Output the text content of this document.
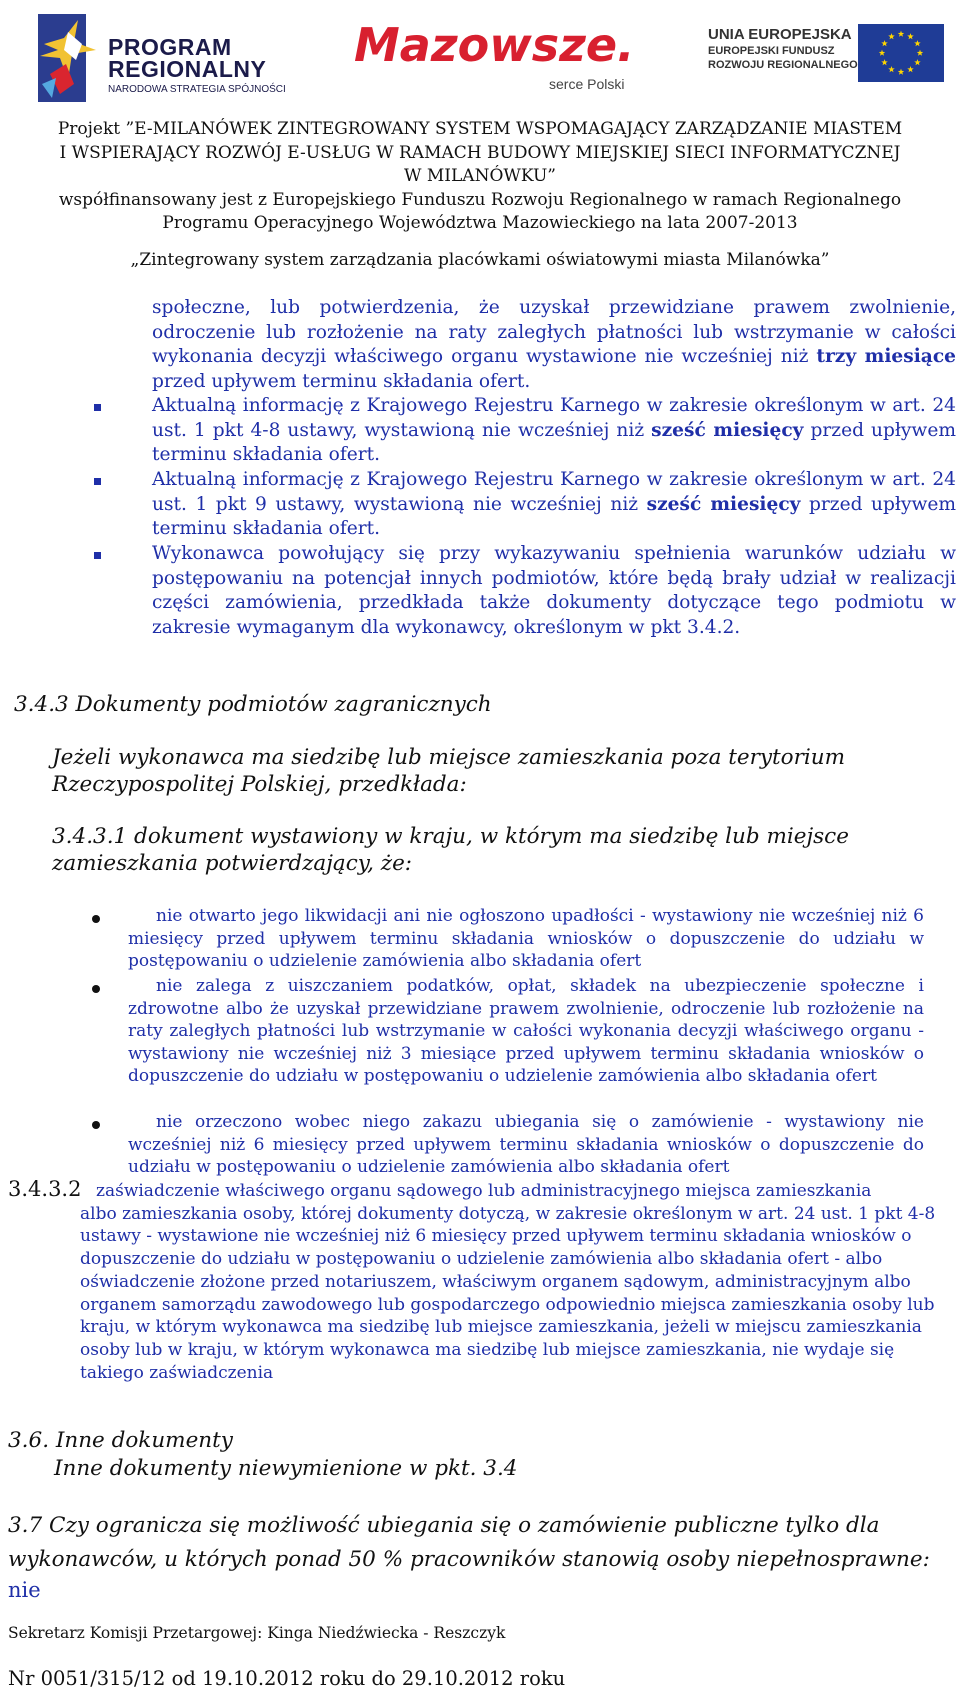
PROGRAM
REGIONALNY
NARODOWA STRATEGIA SPÓJNOŚCI
Mazowsze.
serce Polski
UNIA EUROPEJSKA
EUROPEJSKI FUNDUSZ
ROZWOJU REGIONALNEGO
Projekt ”E-MILANÓWEK ZINTEGROWANY SYSTEM WSPOMAGAJĄCY ZARZĄDZANIE MIASTEM
I WSPIERAJĄCY ROZWÓJ E-USŁUG W RAMACH BUDOWY MIEJSKIEJ SIECI INFORMATYCZNEJ
W MILANÓWKU”
współfinansowany jest z Europejskiego Funduszu Rozwoju Regionalnego w ramach Regionalnego
Programu Operacyjnego Województwa Mazowieckiego na lata 2007-2013
„Zintegrowany system zarządzania placówkami oświatowymi miasta Milanówka”
społeczne, lub potwierdzenia, że uzyskał przewidziane prawem zwolnienie, odroczenie lub rozłożenie na raty zaległych płatności lub wstrzymanie w całości wykonania decyzji właściwego organu wystawione nie wcześniej niż trzy miesiące przed upływem terminu składania ofert.
Aktualną informację z Krajowego Rejestru Karnego w zakresie określonym w art. 24 ust. 1 pkt 4-8 ustawy, wystawioną nie wcześniej niż sześć miesięcy przed upływem terminu składania ofert.
Aktualną informację z Krajowego Rejestru Karnego w zakresie określonym w art. 24 ust. 1 pkt 9 ustawy, wystawioną nie wcześniej niż sześć miesięcy przed upływem terminu składania ofert.
Wykonawca powołujący się przy wykazywaniu spełnienia warunków udziału w postępowaniu na potencjał innych podmiotów, które będą brały udział w realizacji części zamówienia, przedkłada także dokumenty dotyczące tego podmiotu w zakresie wymaganym dla wykonawcy, określonym w pkt 3.4.2.
3.4.3 Dokumenty podmiotów zagranicznych
Jeżeli wykonawca ma siedzibę lub miejsce zamieszkania poza terytorium
Rzeczypospolitej Polskiej, przedkłada:
3.4.3.1 dokument wystawiony w kraju, w którym ma siedzibę lub miejsce
zamieszkania potwierdzający, że:
nie otwarto jego likwidacji ani nie ogłoszono upadłości - wystawiony nie wcześniej niż 6 miesięcy przed upływem terminu składania wniosków o dopuszczenie do udziału w postępowaniu o udzielenie zamówienia albo składania ofert
nie zalega z uiszczaniem podatków, opłat, składek na ubezpieczenie społeczne i zdrowotne albo że uzyskał przewidziane prawem zwolnienie, odroczenie lub rozłożenie na raty zaległych płatności lub wstrzymanie w całości wykonania decyzji właściwego organu - wystawiony nie wcześniej niż 3 miesiące przed upływem terminu składania wniosków o dopuszczenie do udziału w postępowaniu o udzielenie zamówienia albo składania ofert
nie orzeczono wobec niego zakazu ubiegania się o zamówienie - wystawiony nie wcześniej niż 6 miesięcy przed upływem terminu składania wniosków o dopuszczenie do udziału w postępowaniu o udzielenie zamówienia albo składania ofert
3.4.3.2 zaświadczenie właściwego organu sądowego lub administracyjnego miejsca zamieszkania
albo zamieszkania osoby, której dokumenty dotyczą, w zakresie określonym w art. 24 ust. 1 pkt 4-8 ustawy - wystawione nie wcześniej niż 6 miesięcy przed upływem terminu składania wniosków o dopuszczenie do udziału w postępowaniu o udzielenie zamówienia albo składania ofert - albo oświadczenie złożone przed notariuszem, właściwym organem sądowym, administracyjnym albo organem samorządu zawodowego lub gospodarczego odpowiednio miejsca zamieszkania osoby lub kraju, w którym wykonawca ma siedzibę lub miejsce zamieszkania, jeżeli w miejscu zamieszkania osoby lub w kraju, w którym wykonawca ma siedzibę lub miejsce zamieszkania, nie wydaje się takiego zaświadczenia
3.6. Inne dokumenty
Inne dokumenty niewymienione w pkt. 3.4
3.7 Czy ogranicza się możliwość ubiegania się o zamówienie publiczne tylko dla
wykonawców, u których ponad 50 % pracowników stanowią osoby niepełnosprawne:
nie
Sekretarz Komisji Przetargowej: Kinga Niedźwiecka - Reszczyk
Nr 0051/315/12 od 19.10.2012 roku do 29.10.2012 roku
